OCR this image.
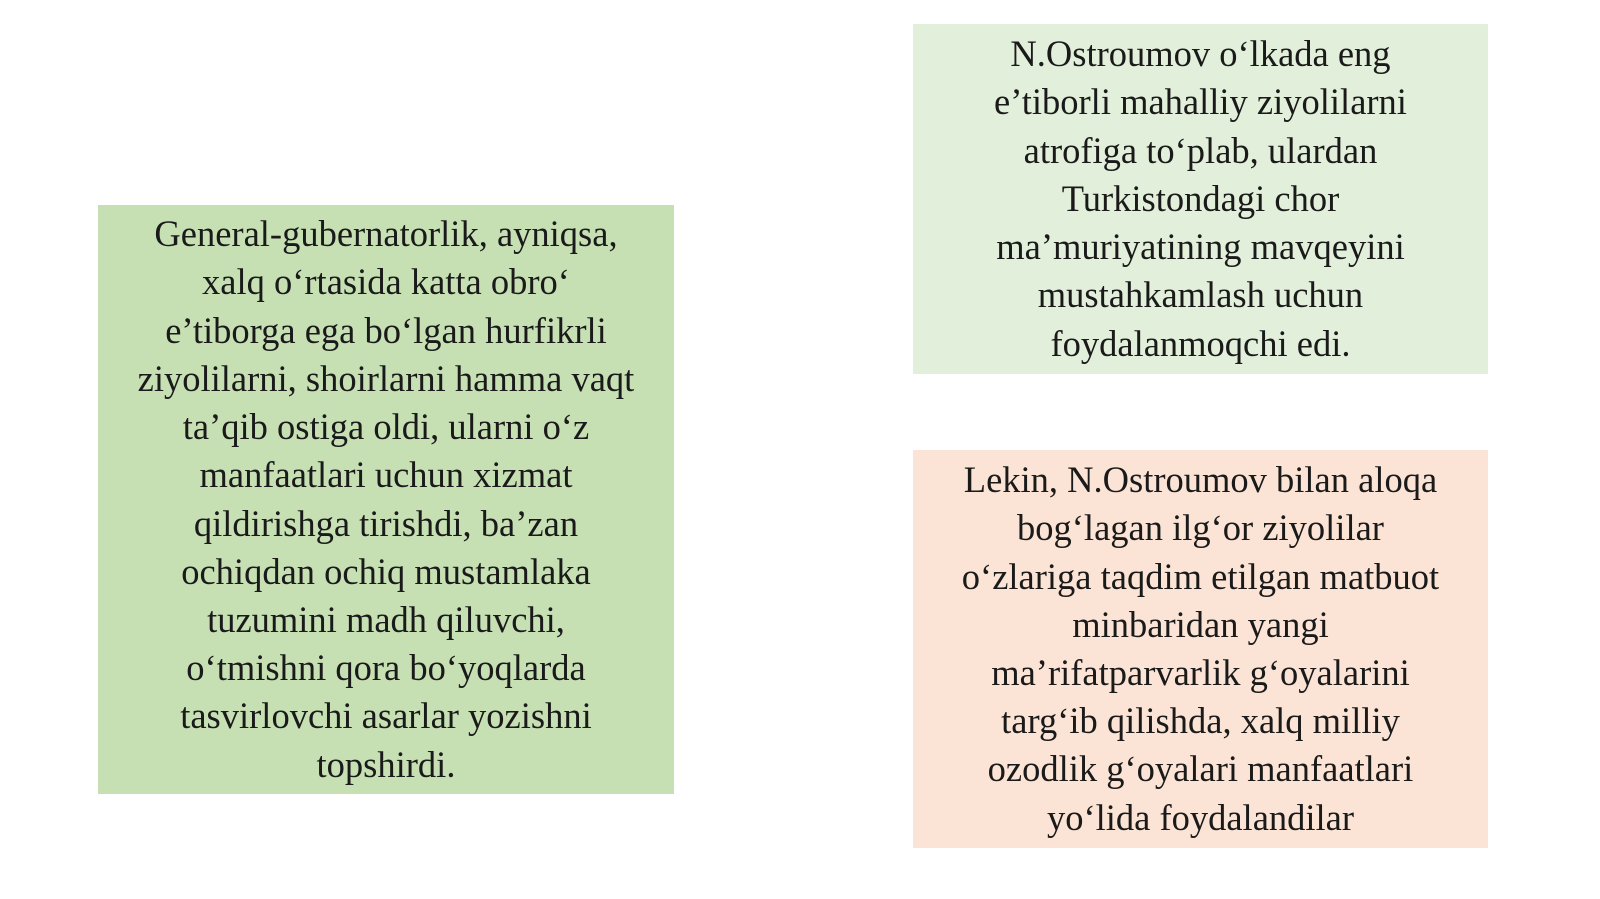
General-gubernatorlik, ayniqsa,
xalq o‘rtasida katta obro‘
e’tiborga ega bo‘lgan hurfikrli
ziyolilarni, shoirlarni hamma vaqt
ta’qib ostiga oldi, ularni o‘z
manfaatlari uchun xizmat
qildirishga tirishdi, ba’zan
ochiqdan ochiq mustamlaka
tuzumini madh qiluvchi,
o‘tmishni qora bo‘yoqlarda
tasvirlovchi asarlar yozishni
topshirdi.

N.Ostroumov o‘lkada eng
e’tiborli mahalliy ziyolilarni
atrofiga to‘plab, ulardan
Turkistondagi chor
ma’muriyatining mavqeyini
mustahkamlash uchun
foydalanmoqchi edi.

Lekin, N.Ostroumov bilan aloqa
bog‘lagan ilg‘or ziyolilar
o‘zlariga taqdim etilgan matbuot
minbaridan yangi
ma’rifatparvarlik g‘oyalarini
targ‘ib qilishda, xalq milliy
ozodlik g‘oyalari manfaatlari
yo‘lida foydalandilar
